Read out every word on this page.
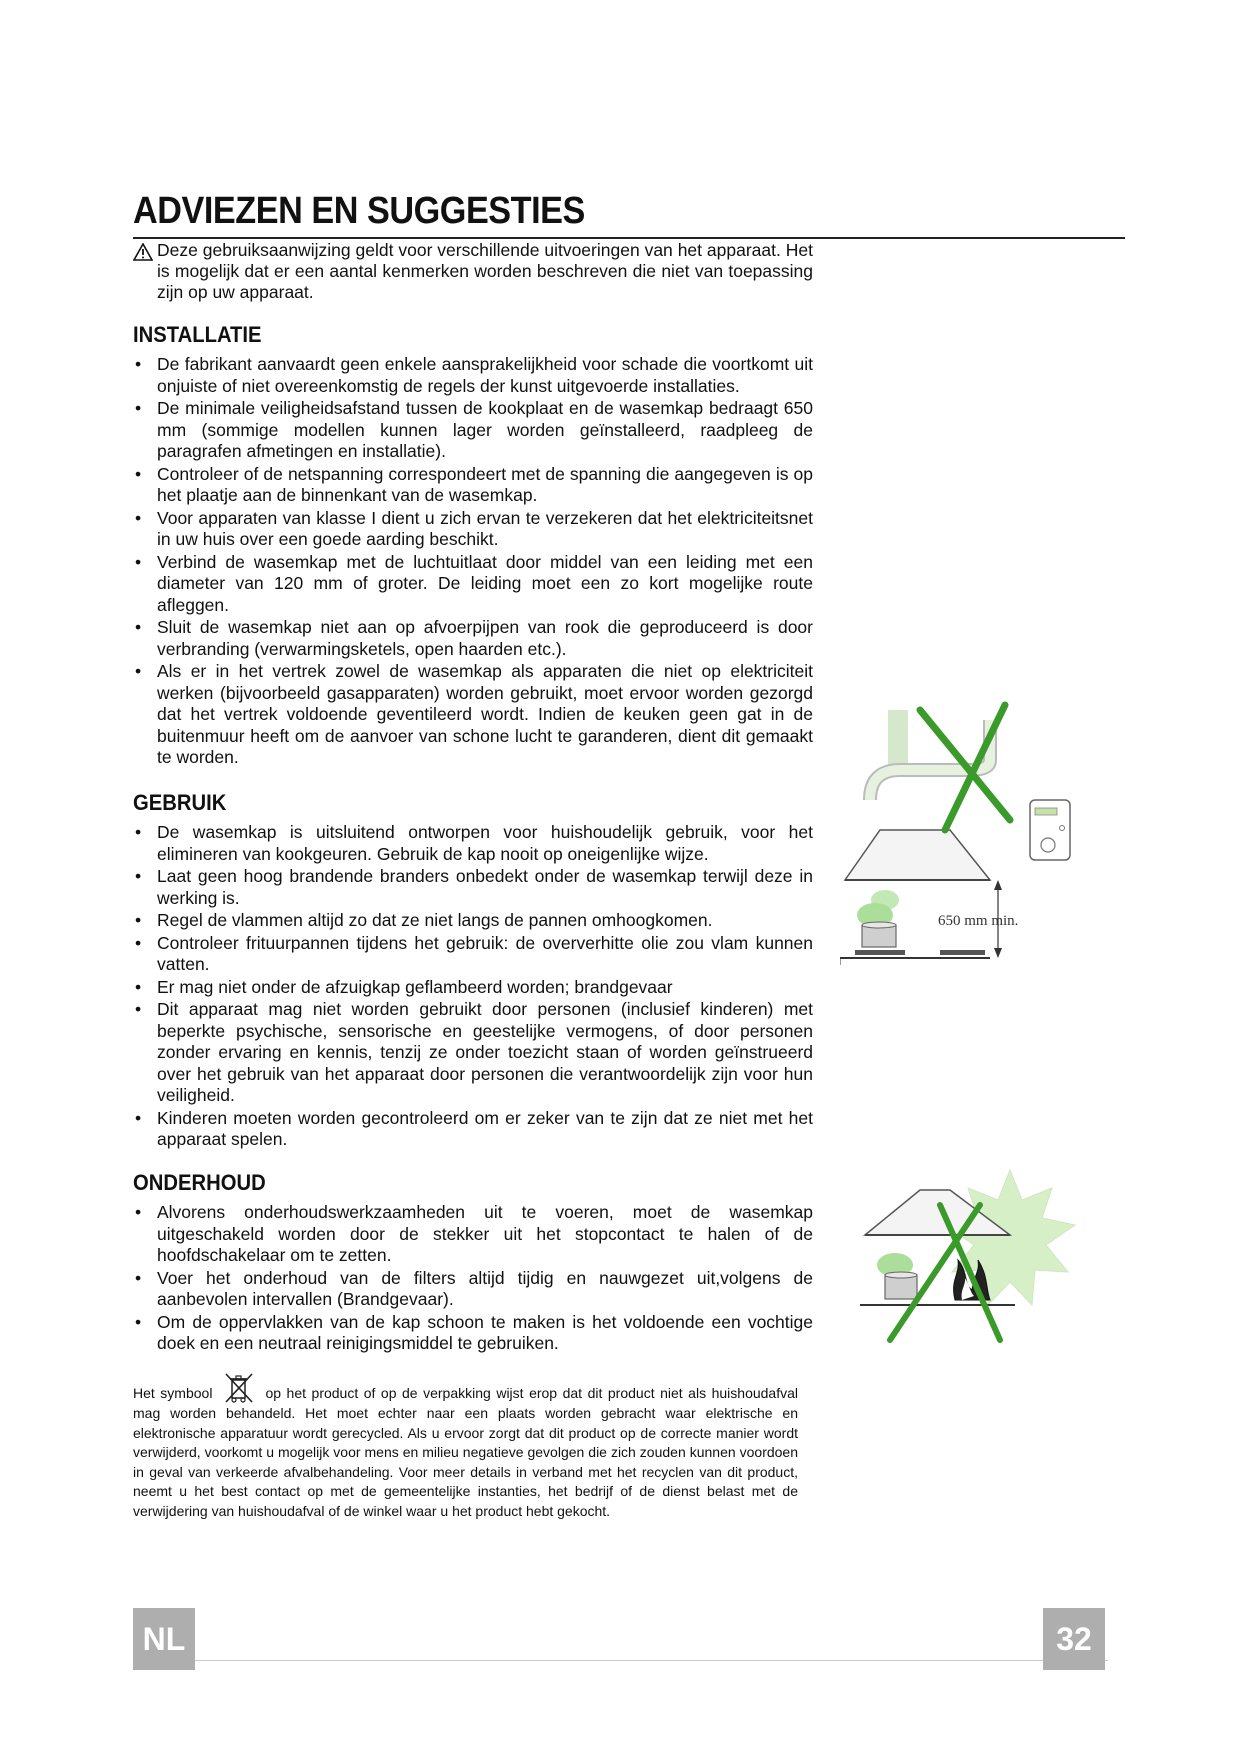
ADVIEZEN EN SUGGESTIES

Deze gebruiksaanwijzing geldt voor verschillende uitvoeringen van het apparaat. Het is mogelijk dat er een aantal kenmerken worden beschreven die niet van toepassing zijn op uw apparaat.

INSTALLATIE
• De fabrikant aanvaardt geen enkele aansprakelijkheid voor schade die voortkomt uit onjuiste of niet overeenkomstig de regels der kunst uitgevoerde installaties.
• De minimale veiligheidsafstand tussen de kookplaat en de wasemkap bedraagt 650 mm (sommige modellen kunnen lager worden geïnstalleerd, raadpleeg de paragrafen afmetingen en installatie).
• Controleer of de netspanning correspondeert met de spanning die aangegeven is op het plaatje aan de binnenkant van de wasemkap.
• Voor apparaten van klasse I dient u zich ervan te verzekeren dat het elektriciteitsnet in uw huis over een goede aarding beschikt.
• Verbind de wasemkap met de luchtuitlaat door middel van een leiding met een diameter van 120 mm of groter. De leiding moet een zo kort mogelijke route afleggen.
• Sluit de wasemkap niet aan op afvoerpijpen van rook die geproduceerd is door verbranding (verwarmingsketels, open haarden etc.).
• Als er in het vertrek zowel de wasemkap als apparaten die niet op elektriciteit werken (bijvoorbeeld gasapparaten) worden gebruikt, moet ervoor worden gezorgd dat het vertrek voldoende geventileerd wordt. Indien de keuken geen gat in de buitenmuur heeft om de aanvoer van schone lucht te garanderen, dient dit gemaakt te worden.
GEBRUIK
• De wasemkap is uitsluitend ontworpen voor huishoudelijk gebruik, voor het elimineren van kookgeuren. Gebruik de kap nooit op oneigenlijke wijze.
• Laat geen hoog brandende branders onbedekt onder de wasemkap terwijl deze in werking is.
• Regel de vlammen altijd zo dat ze niet langs de pannen omhoogkomen.
• Controleer frituurpannen tijdens het gebruik: de oververhitte olie zou vlam kunnen vatten.
• Er mag niet onder de afzuigkap geflambeerd worden; brandgevaar
• Dit apparaat mag niet worden gebruikt door personen (inclusief kinderen) met beperkte psychische, sensorische en geestelijke vermogens, of door personen zonder ervaring en kennis, tenzij ze onder toezicht staan of worden geïnstrueerd over het gebruik van het apparaat door personen die verantwoordelijk zijn voor hun veiligheid.
• Kinderen moeten worden gecontroleerd om er zeker van te zijn dat ze niet met het apparaat spelen.
ONDERHOUD
• Alvorens onderhoudswerkzaamheden uit te voeren, moet de wasemkap uitgeschakeld worden door de stekker uit het stopcontact te halen of de hoofdschakelaar om te zetten.
• Voer het onderhoud van de filters altijd tijdig en nauwgezet uit,volgens de aanbevolen intervallen (Brandgevaar).
• Om de oppervlakken van de kap schoon te maken is het voldoende een vochtige doek en een neutraal reinigingsmiddel te gebruiken.
Het symbool	op het product of op de verpakking wijst erop dat dit product niet als huishoudafval mag worden behandeld. Het moet echter naar een plaats worden gebracht waar elektrische en elektronische apparatuur wordt gerecycled. Als u ervoor zorgt dat dit product op de correcte manier wordt verwijderd, voorkomt u mogelijk voor mens en milieu negatieve gevolgen die zich zouden kunnen voordoen in geval van verkeerde afvalbehandeling. Voor meer details in verband met het recyclen van dit product, neemt u het best contact op met de gemeentelijke instanties, het bedrijf of de dienst belast met de verwijdering van huishoudafval of de winkel waar u het product hebt gekocht.
650 mm min.
NL	32
